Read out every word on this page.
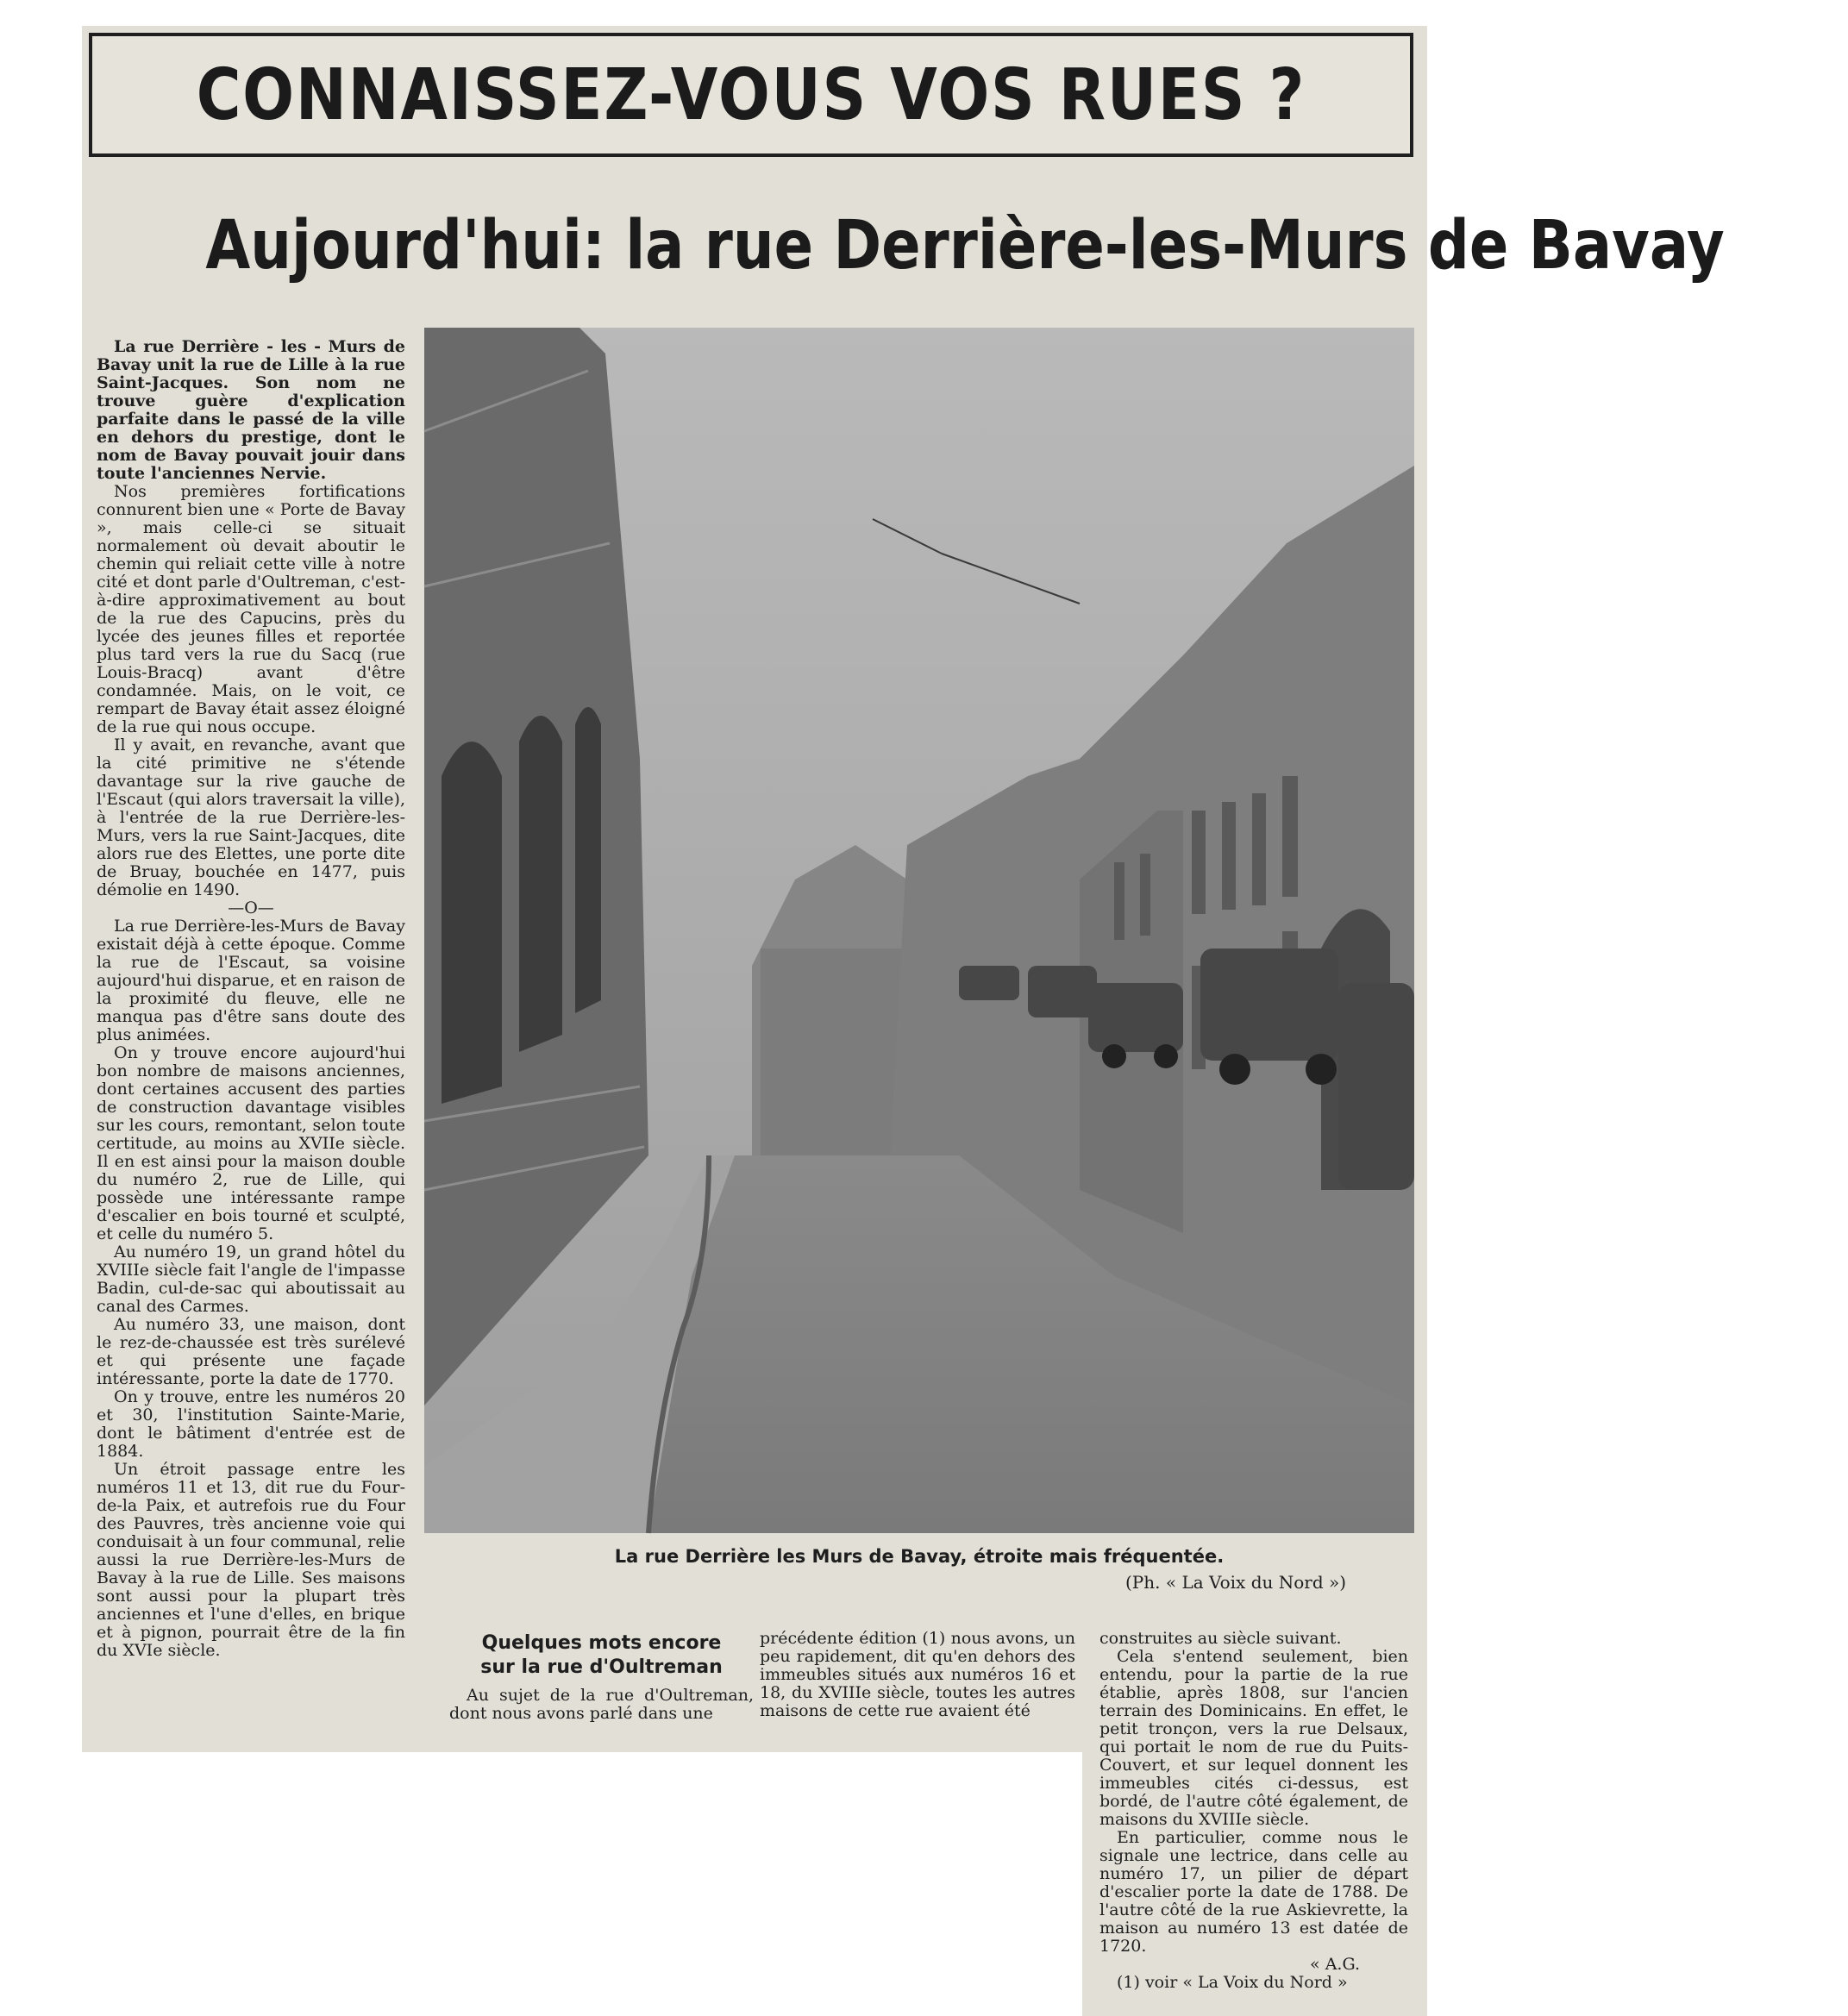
CONNAISSEZ-VOUS VOS RUES ?
Aujourd'hui: la rue Derrière-les-Murs de Bavay

La rue Derrière - les - Murs de Bavay unit la rue de Lille à la rue Saint-Jacques. Son nom ne trouve guère d'explication parfaite dans le passé de la ville en dehors du prestige, dont le nom de Bavay pouvait jouir dans toute l'anciennes Nervie.

Nos premières fortifications connurent bien une « Porte de Bavay », mais celle-ci se situait normalement où devait aboutir le chemin qui reliait cette ville à notre cité et dont parle d'Oultreman, c'est-à-dire approximativement au bout de la rue des Capucins, près du lycée des jeunes filles et reportée plus tard vers la rue du Sacq (rue Louis-Bracq) avant d'être condamnée. Mais, on le voit, ce rempart de Bavay était assez éloigné de la rue qui nous occupe.

Il y avait, en revanche, avant que la cité primitive ne s'étende davantage sur la rive gauche de l'Escaut (qui alors traversait la ville), à l'entrée de la rue Derrière-les-Murs, vers la rue Saint-Jacques, dite alors rue des Elettes, une porte dite de Bruay, bouchée en 1477, puis démolie en 1490.

—O—

La rue Derrière-les-Murs de Bavay existait déjà à cette époque. Comme la rue de l'Escaut, sa voisine aujourd'hui disparue, et en raison de la proximité du fleuve, elle ne manqua pas d'être sans doute des plus animées.

On y trouve encore aujourd'hui bon nombre de maisons anciennes, dont certaines accusent des parties de construction davantage visibles sur les cours, remontant, selon toute certitude, au moins au XVIIe siècle. Il en est ainsi pour la maison double du numéro 2, rue de Lille, qui possède une intéressante rampe d'escalier en bois tourné et sculpté, et celle du numéro 5.

Au numéro 19, un grand hôtel du XVIIIe siècle fait l'angle de l'impasse Badin, cul-de-sac qui aboutissait au canal des Carmes.

Au numéro 33, une maison, dont le rez-de-chaussée est très surélevé et qui présente une façade intéressante, porte la date de 1770.

On y trouve, entre les numéros 20 et 30, l'institution Sainte-Marie, dont le bâtiment d'entrée est de 1884.

Un étroit passage entre les numéros 11 et 13, dit rue du Four-de-la Paix, et autrefois rue du Four des Pauvres, très ancienne voie qui conduisait à un four communal, relie aussi la rue Derrière-les-Murs de Bavay à la rue de Lille. Ses maisons sont aussi pour la plupart très anciennes et l'une d'elles, en brique et à pignon, pourrait être de la fin du XVIe siècle.

La rue Derrière les Murs de Bavay, étroite mais fréquentée.
(Ph. « La Voix du Nord »)
Quelques mots encore
sur la rue d'Oultreman

Au sujet de la rue d'Oultreman, dont nous avons parlé dans une

précédente édition (1) nous avons, un peu rapidement, dit qu'en dehors des immeubles situés aux numéros 16 et 18, du XVIIIe siècle, toutes les autres maisons de cette rue avaient été

construites au siècle suivant.

Cela s'entend seulement, bien entendu, pour la partie de la rue établie, après 1808, sur l'ancien terrain des Dominicains. En effet, le petit tronçon, vers la rue Delsaux, qui portait le nom de rue du Puits-Couvert, et sur lequel donnent les immeubles cités ci-dessus, est bordé, de l'autre côté également, de maisons du XVIIIe siècle.

En particulier, comme nous le signale une lectrice, dans celle au numéro 17, un pilier de départ d'escalier porte la date de 1788. De l'autre côté de la rue Askievrette, la maison au numéro 13 est datée de 1720.

« A.G.

(1) voir « La Voix du Nord »
